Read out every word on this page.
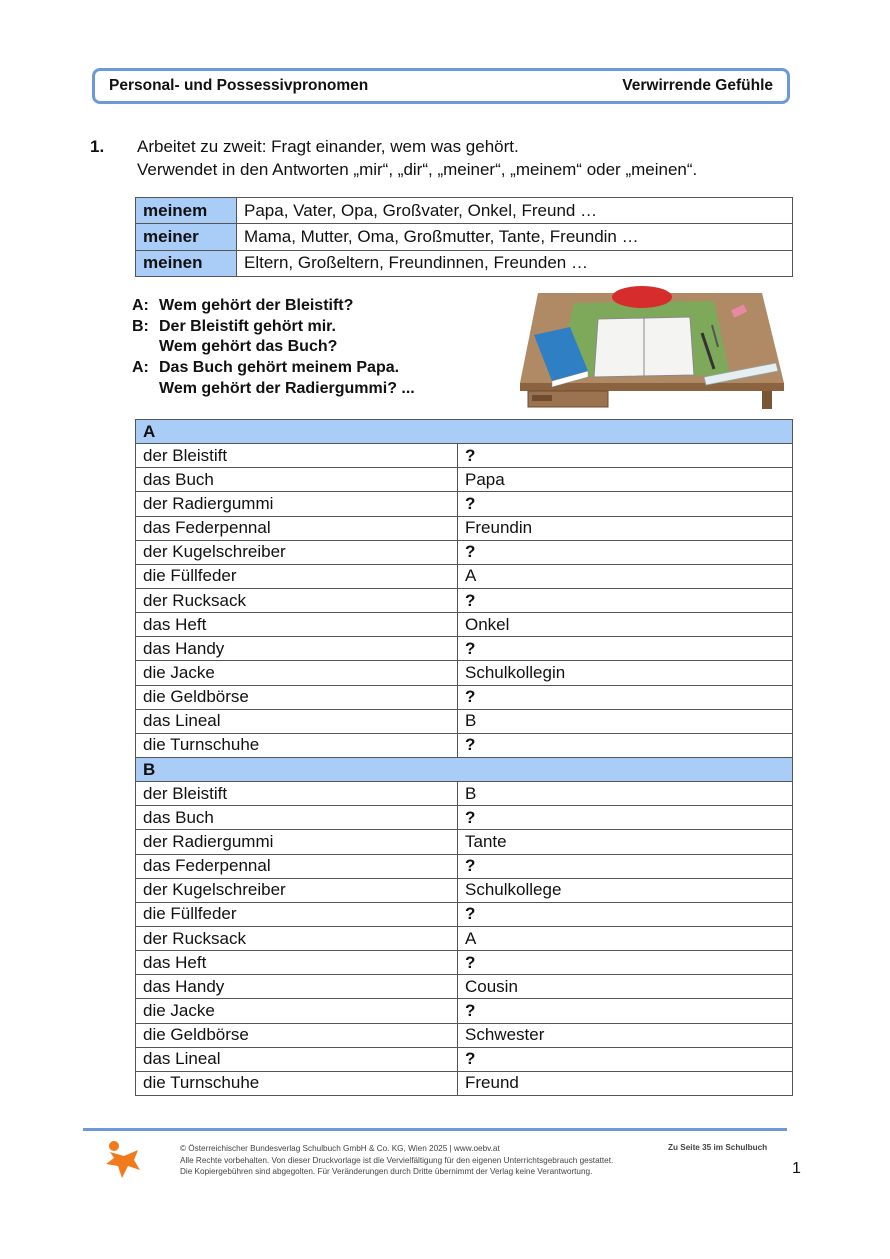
Personal- und Possessivpronomen	Verwirrende Gefühle
1. Arbeitet zu zweit: Fragt einander, wem was gehört.
Verwendet in den Antworten „mir“, „dir“, „meiner“, „meinem“ oder „meinen“.
meinem	Papa, Vater, Opa, Großvater, Onkel, Freund …
meiner	Mama, Mutter, Oma, Großmutter, Tante, Freundin …
meinen	Eltern, Großeltern, Freundinnen, Freunden …
A: Wem gehört der Bleistift?
B: Der Bleistift gehört mir.
Wem gehört das Buch?
A: Das Buch gehört meinem Papa.
Wem gehört der Radiergummi? ...
A	
der Bleistift	?
das Buch	Papa
der Radiergummi	?
das Federpennal	Freundin
der Kugelschreiber	?
die Füllfeder	A
der Rucksack	?
das Heft	Onkel
das Handy	?
die Jacke	Schulkollegin
die Geldbörse	?
das Lineal	B
die Turnschuhe	?
B	
der Bleistift	B
das Buch	?
der Radiergummi	Tante
das Federpennal	?
der Kugelschreiber	Schulkollege
die Füllfeder	?
der Rucksack	A
das Heft	?
das Handy	Cousin
die Jacke	?
die Geldbörse	Schwester
das Lineal	?
die Turnschuhe	Freund
© Österreichischer Bundesverlag Schulbuch GmbH & Co. KG, Wien 2025 | www.oebv.at
Alle Rechte vorbehalten. Von dieser Druckvorlage ist die Vervielfältigung für den eigenen Unterrichtsgebrauch gestattet.
Die Kopiergebühren sind abgegolten. Für Veränderungen durch Dritte übernimmt der Verlag keine Verantwortung.
Zu Seite 35 im Schulbuch
1
